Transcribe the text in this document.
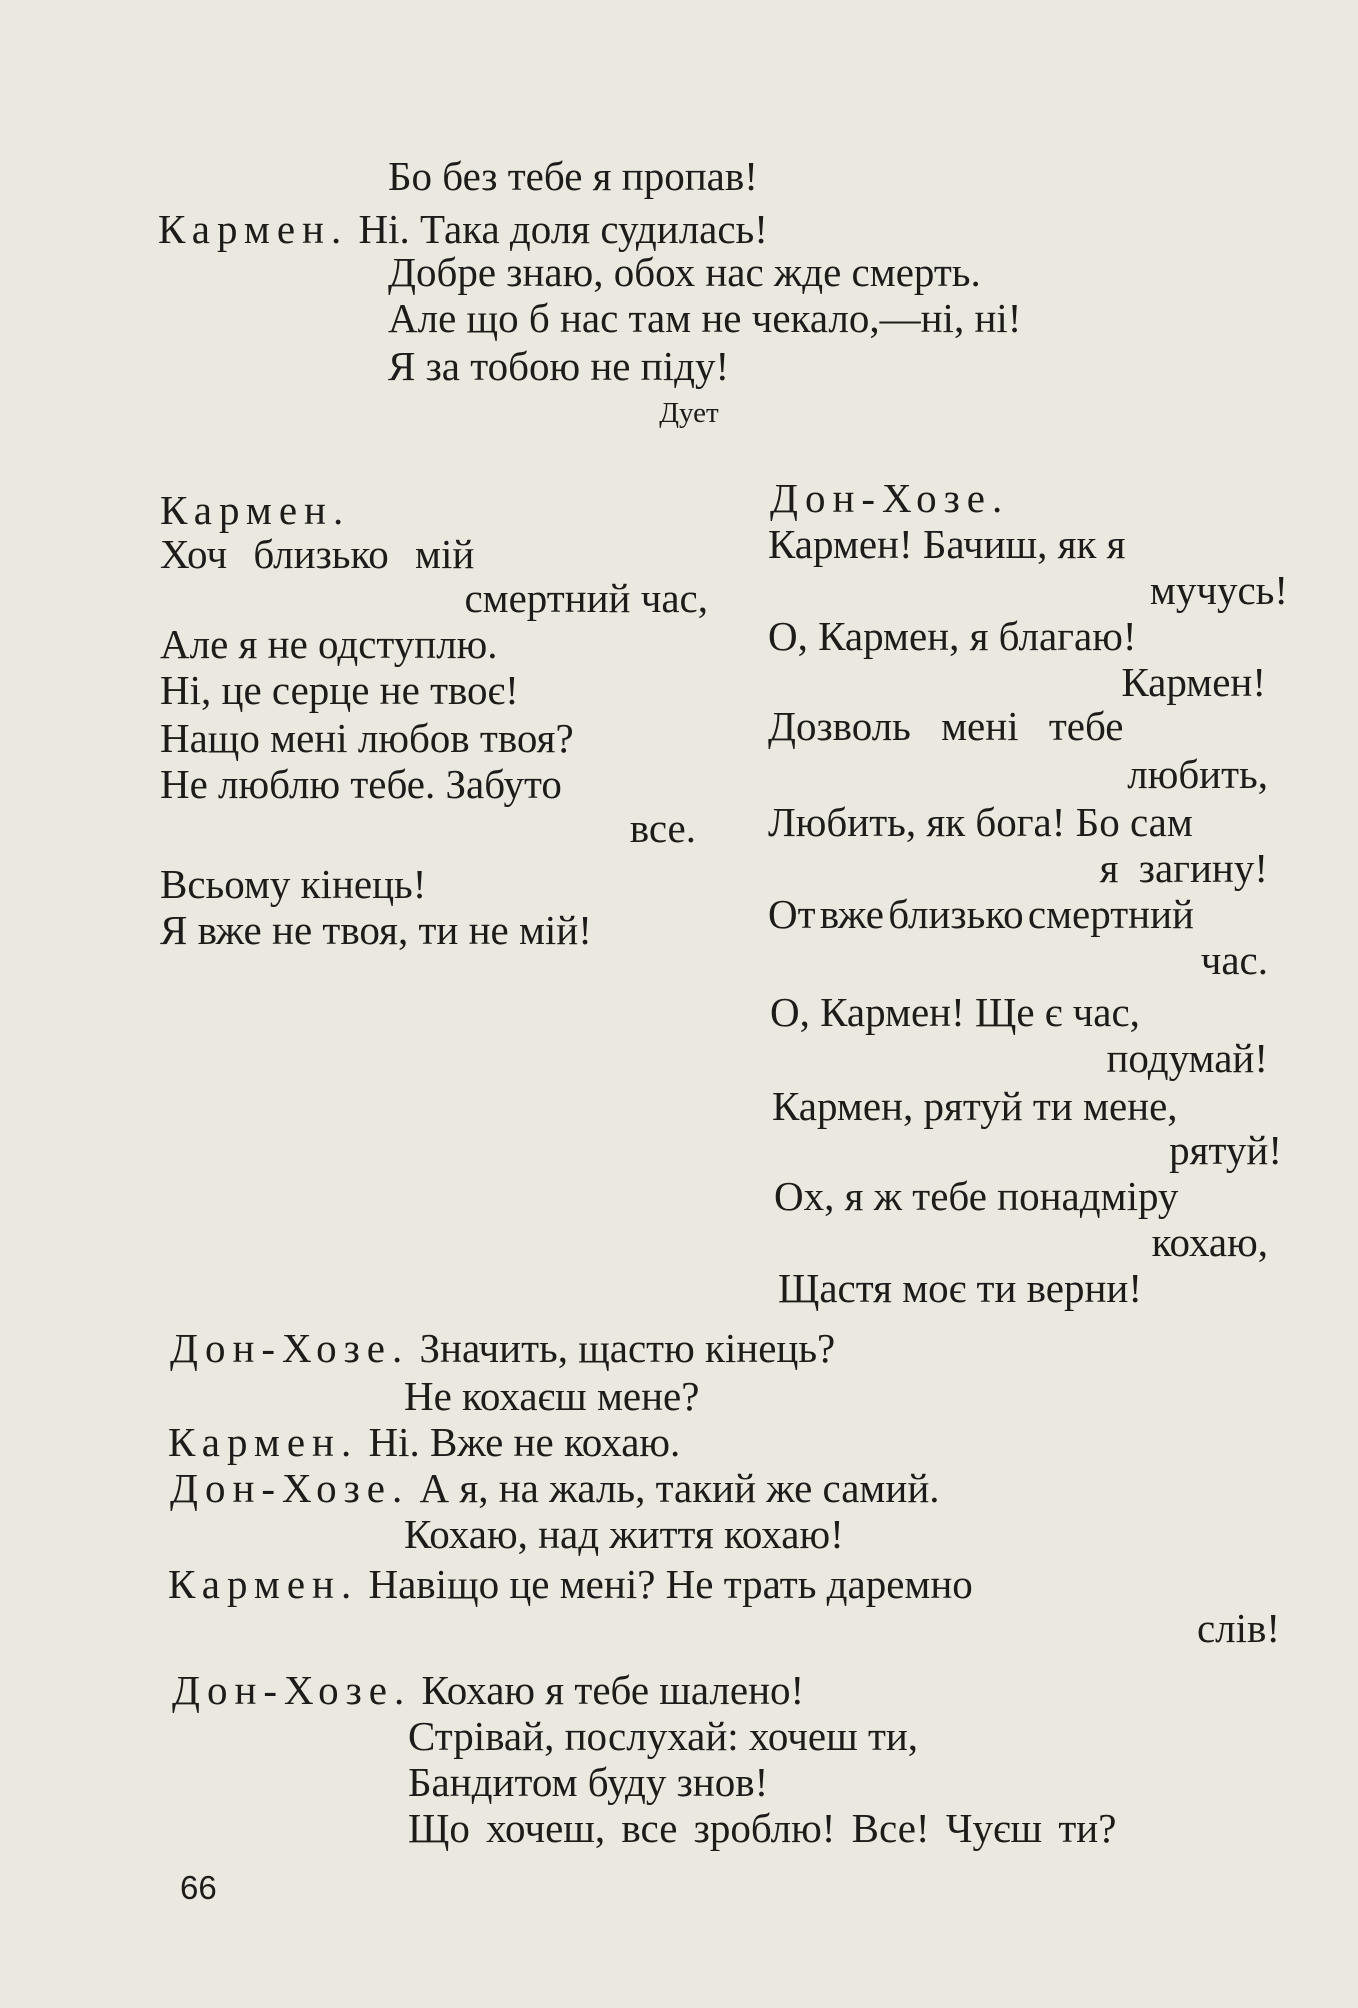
Бо без тебе я пропав!
Кармен. Ні. Така доля судилась!
Добре знаю, обох нас жде смерть.
Але що б нас там не чекало,—ні, ні!
Я за тобою не піду!
Дует
Кармен.
Хоч близько мій
смертний час,
Але я не одступлю.
Ні, це серце не твоє!
Нащо мені любов твоя?
Не люблю тебе. Забуто
все.
Всьому кінець!
Я вже не твоя, ти не мій!
Дон-Хозе.
Кармен! Бачиш, як я
мучусь!
О, Кармен, я благаю!
Кармен!
Дозволь мені тебе
любить,
Любить, як бога! Бо сам
я загину!
От вже близько смертний
час.
О, Кармен! Ще є час,
подумай!
Кармен, рятуй ти мене,
рятуй!
Ох, я ж тебе понадміру
кохаю,
Щастя моє ти верни!
Дон-Хозе. Значить, щастю кінець?
Не кохаєш мене?
Кармен. Ні. Вже не кохаю.
Дон-Хозе. А я, на жаль, такий же самий.
Кохаю, над життя кохаю!
Кармен. Навіщо це мені? Не трать даремно
слів!
Дон-Хозе. Кохаю я тебе шалено!
Стрівай, послухай: хочеш ти,
Бандитом буду знов!
Що хочеш, все зроблю! Все! Чуєш ти?
66
